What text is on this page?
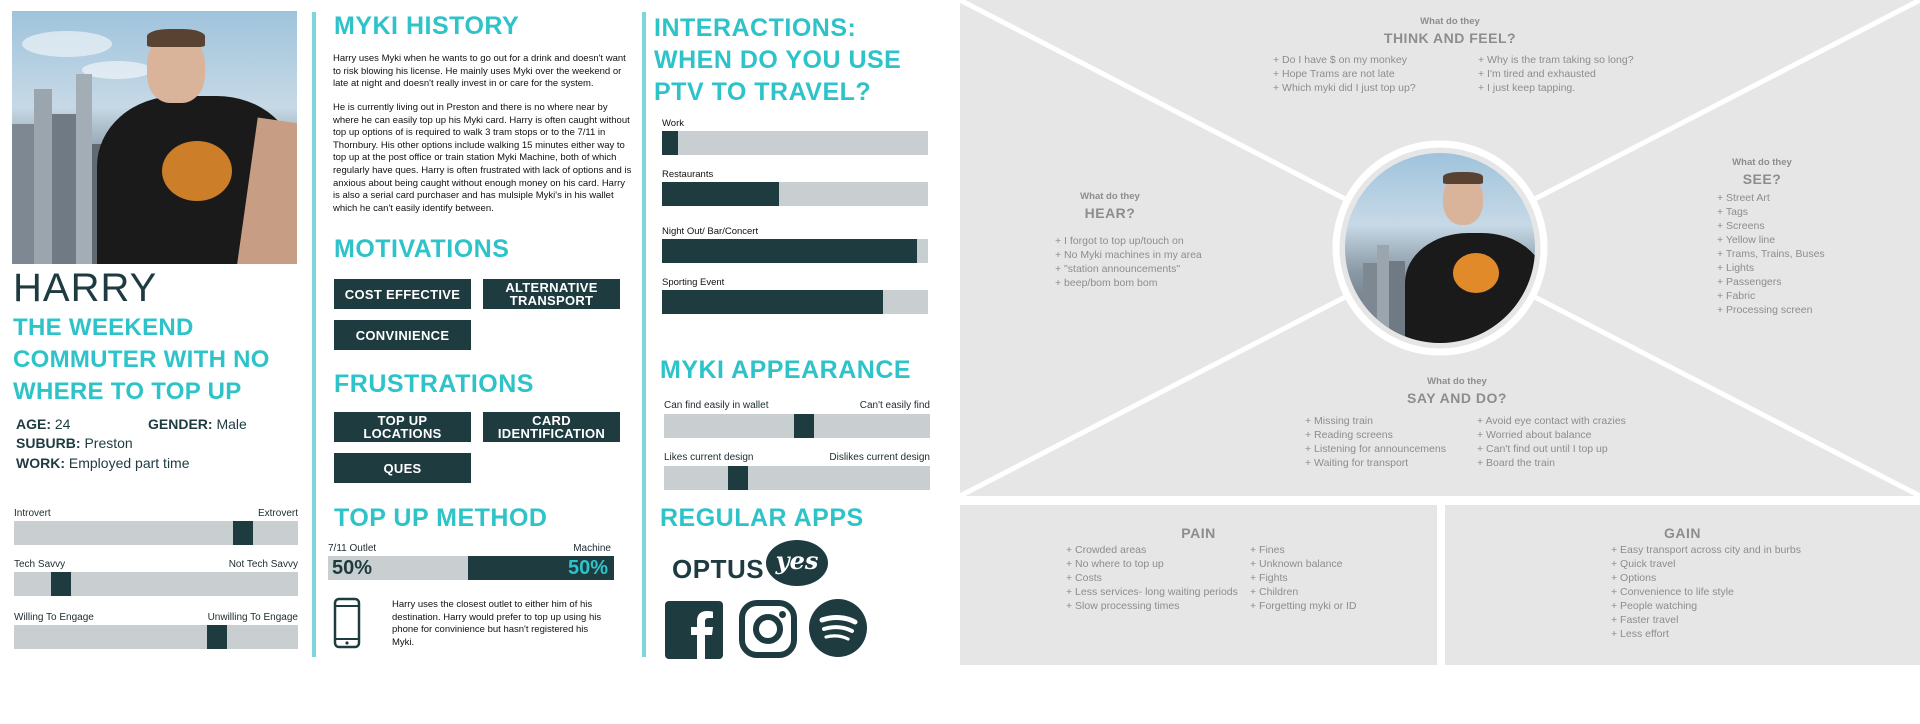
HARRY
THE WEEKEND COMMUTER WITH NO WHERE TO TOP UP
AGE: 24	GENDER: Male
SUBURB: Preston
WORK: Employed part time
Introvert	Extrovert
Tech Savvy	Not Tech Savvy
Willing To Engage	Unwilling To Engage
MYKI HISTORY
Harry uses Myki when he wants to go out for a drink and doesn't want to risk blowing his license. He mainly uses Myki over the weekend or late at night and doesn't really invest in or care for the system.
He is currently living out in Preston and there is no where near by where he can easily top up his Myki card. Harry is often caught without top up options of is required to walk 3 tram stops or to the 7/11 in Thornbury. His other options include walking 15 minutes either way to top up at the post office or train station Myki Machine, both of which regularly have ques. Harry is often frustrated with lack of options and is anxious about being caught without enough money on his card. Harry is also a serial card purchaser and has mulsiple Myki's in his wallet which he can't easily identify between.
MOTIVATIONS
COST EFFECTIVE	ALTERNATIVE TRANSPORT
CONVINIENCE
FRUSTRATIONS
TOP UP LOCATIONS
CARD IDENTIFICATION
QUES
TOP UP METHOD
7/11 Outlet	Machine
50%	50%
Harry uses the closest outlet to either him of his destination. Harry would prefer to top up using his phone for convinience but hasn't registered his Myki.
INTERACTIONS:
WHEN DO YOU USE
PTV TO TRAVEL?
Work
Restaurants
Night Out/ Bar/Concert
Sporting Event
MYKI APPEARANCE
Can find easily in wallet	Can't easily find
Likes current design	Dislikes current design
REGULAR APPS
OPTUS yes
What do they
THINK AND FEEL?
+ Do I have $ on my monkey
+ Hope Trams are not late
+ Which myki did I just top up?
+ Why is the tram taking so long?
+ I'm tired and exhausted
+ I just keep tapping.
What do they
HEAR?
+ I forgot to top up/touch on
+ No Myki machines in my area
+ "station announcements"
+ beep/bom bom bom
What do they
SEE?
+ Street Art
+ Tags
+ Screens
+ Yellow line
+ Trams, Trains, Buses
+ Lights
+ Passengers
+ Fabric
+ Processing screen
What do they
SAY AND DO?
+ Missing train
+ Reading screens
+ Listening for announcemens
+ Waiting for transport
+ Avoid eye contact with crazies
+ Worried about balance
+ Can't find out until I top up
+ Board the train
PAIN
+ Crowded areas
+ No where to top up
+ Costs
+ Less services- long waiting periods
+ Slow processing times
+ Fines
+ Unknown balance
+ Fights
+ Children
+ Forgetting myki or ID
GAIN
+ Easy transport across city and in burbs
+ Quick travel
+ Options
+ Convenience to life style
+ People watching
+ Faster travel
+ Less effort
